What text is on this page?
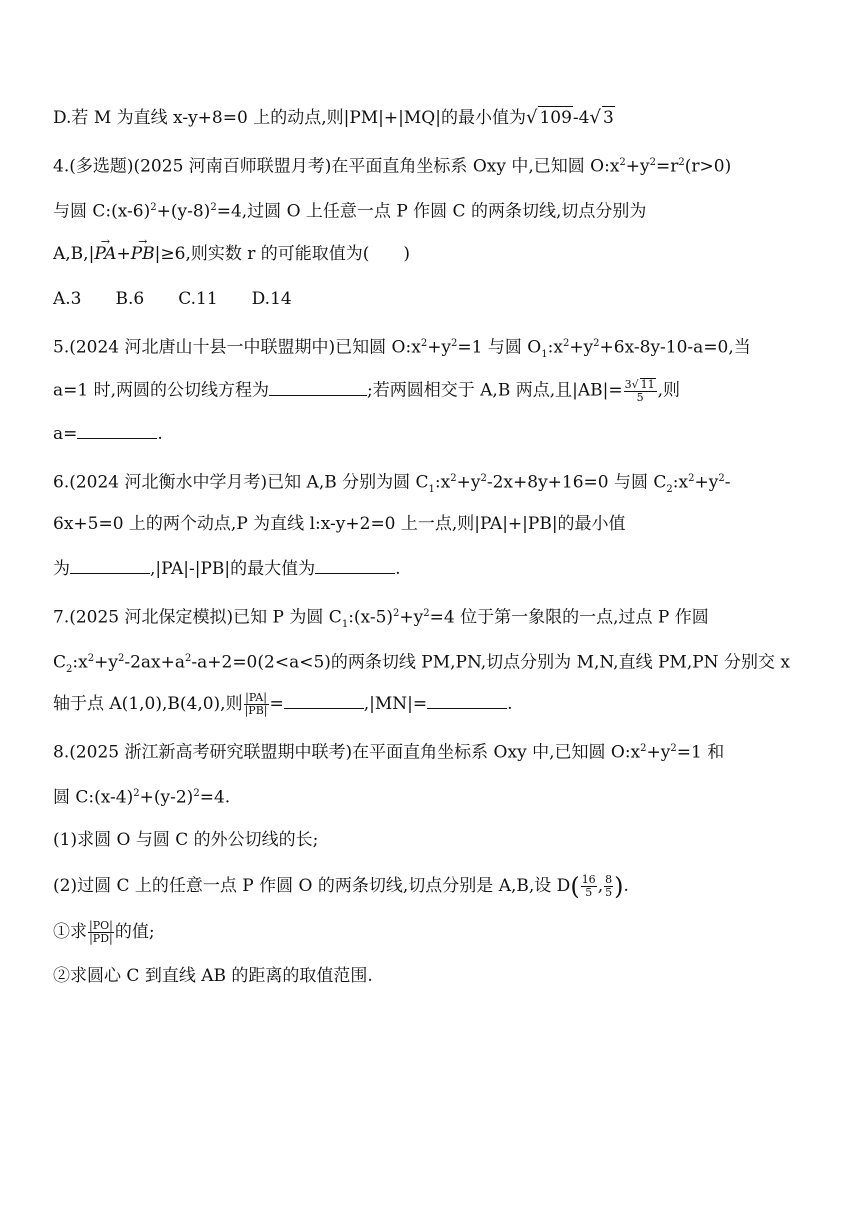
D.若 M 为直线 x-y+8=0 上的动点,则|PM|+|MQ|的最小值为√ 109-4√ 3
4.(多选题)(2025 河南百师联盟月考)在平面直角坐标系 Oxy 中,已知圆 $O:x^2+y^2=r^2(r>0)$
与圆 $C:(x-6)^2+(y-8)^2=4$,过圆 O 上任意一点 P 作圆 C 的两条切线,切点分别为
A,B,|→ PA+→ PB|≥6,则实数 r 的可能取值为(　　)
A.3 B.6 C.11 D.14
5.(2024 河北唐山十县一中联盟期中)已知圆 $O:x^2+y^2=1$ 与圆 $O_1:x^2+y^2+6x-8y-10-a=0$,当
a=1 时,两圆的公切线方程为	;若两圆相交于 A,B 两点,且$|AB|= \frac{3√ 11}{5}$ ,则
a=	.
6.(2024 河北衡水中学月考)已知 A,B 分别为圆 $C_1:x^2+y^2-2x+8y+16=0$ 与圆 $C_2:x^2+y^2-$
6x+5=0 上的两个动点,P 为直线 l:x-y+2=0 上一点,则|PA|+|PB|的最小值
为	,|PA|-|PB|的最大值为	.
7.(2025 河北保定模拟)已知 P 为圆 $C_1:(x-5)^2+y^2=4$ 位于第一象限的一点,过点 P 作圆
$C_2:x^2+y^2-2ax+a^2-a+2=0(2<a<5)$的两条切线 PM,PN,切点分别为 M,N,直线 PM,PN 分别交 x
轴于点 A(1,0),B(4,0),则 $\frac{|PA|}{|PB|}$ =	,|MN|=	.
8.(2025 浙江新高考研究联盟期中联考)在平面直角坐标系 Oxy 中,已知圆 $O:x^2+y^2=1$ 和
圆 $C:(x-4)^2+(y-2)^2=4$.
(1)求圆 O 与圆 C 的外公切线的长;
(2)过圆 C 上的任意一点 P 作圆 O 的两条切线,切点分别是 A,B,设 $D( \frac{16}{5}$ , $\frac{8}{5}$ ).
①求 $\frac{|PO|}{|PD|}$ 的值;
②求圆心 C 到直线 AB 的距离的取值范围.
